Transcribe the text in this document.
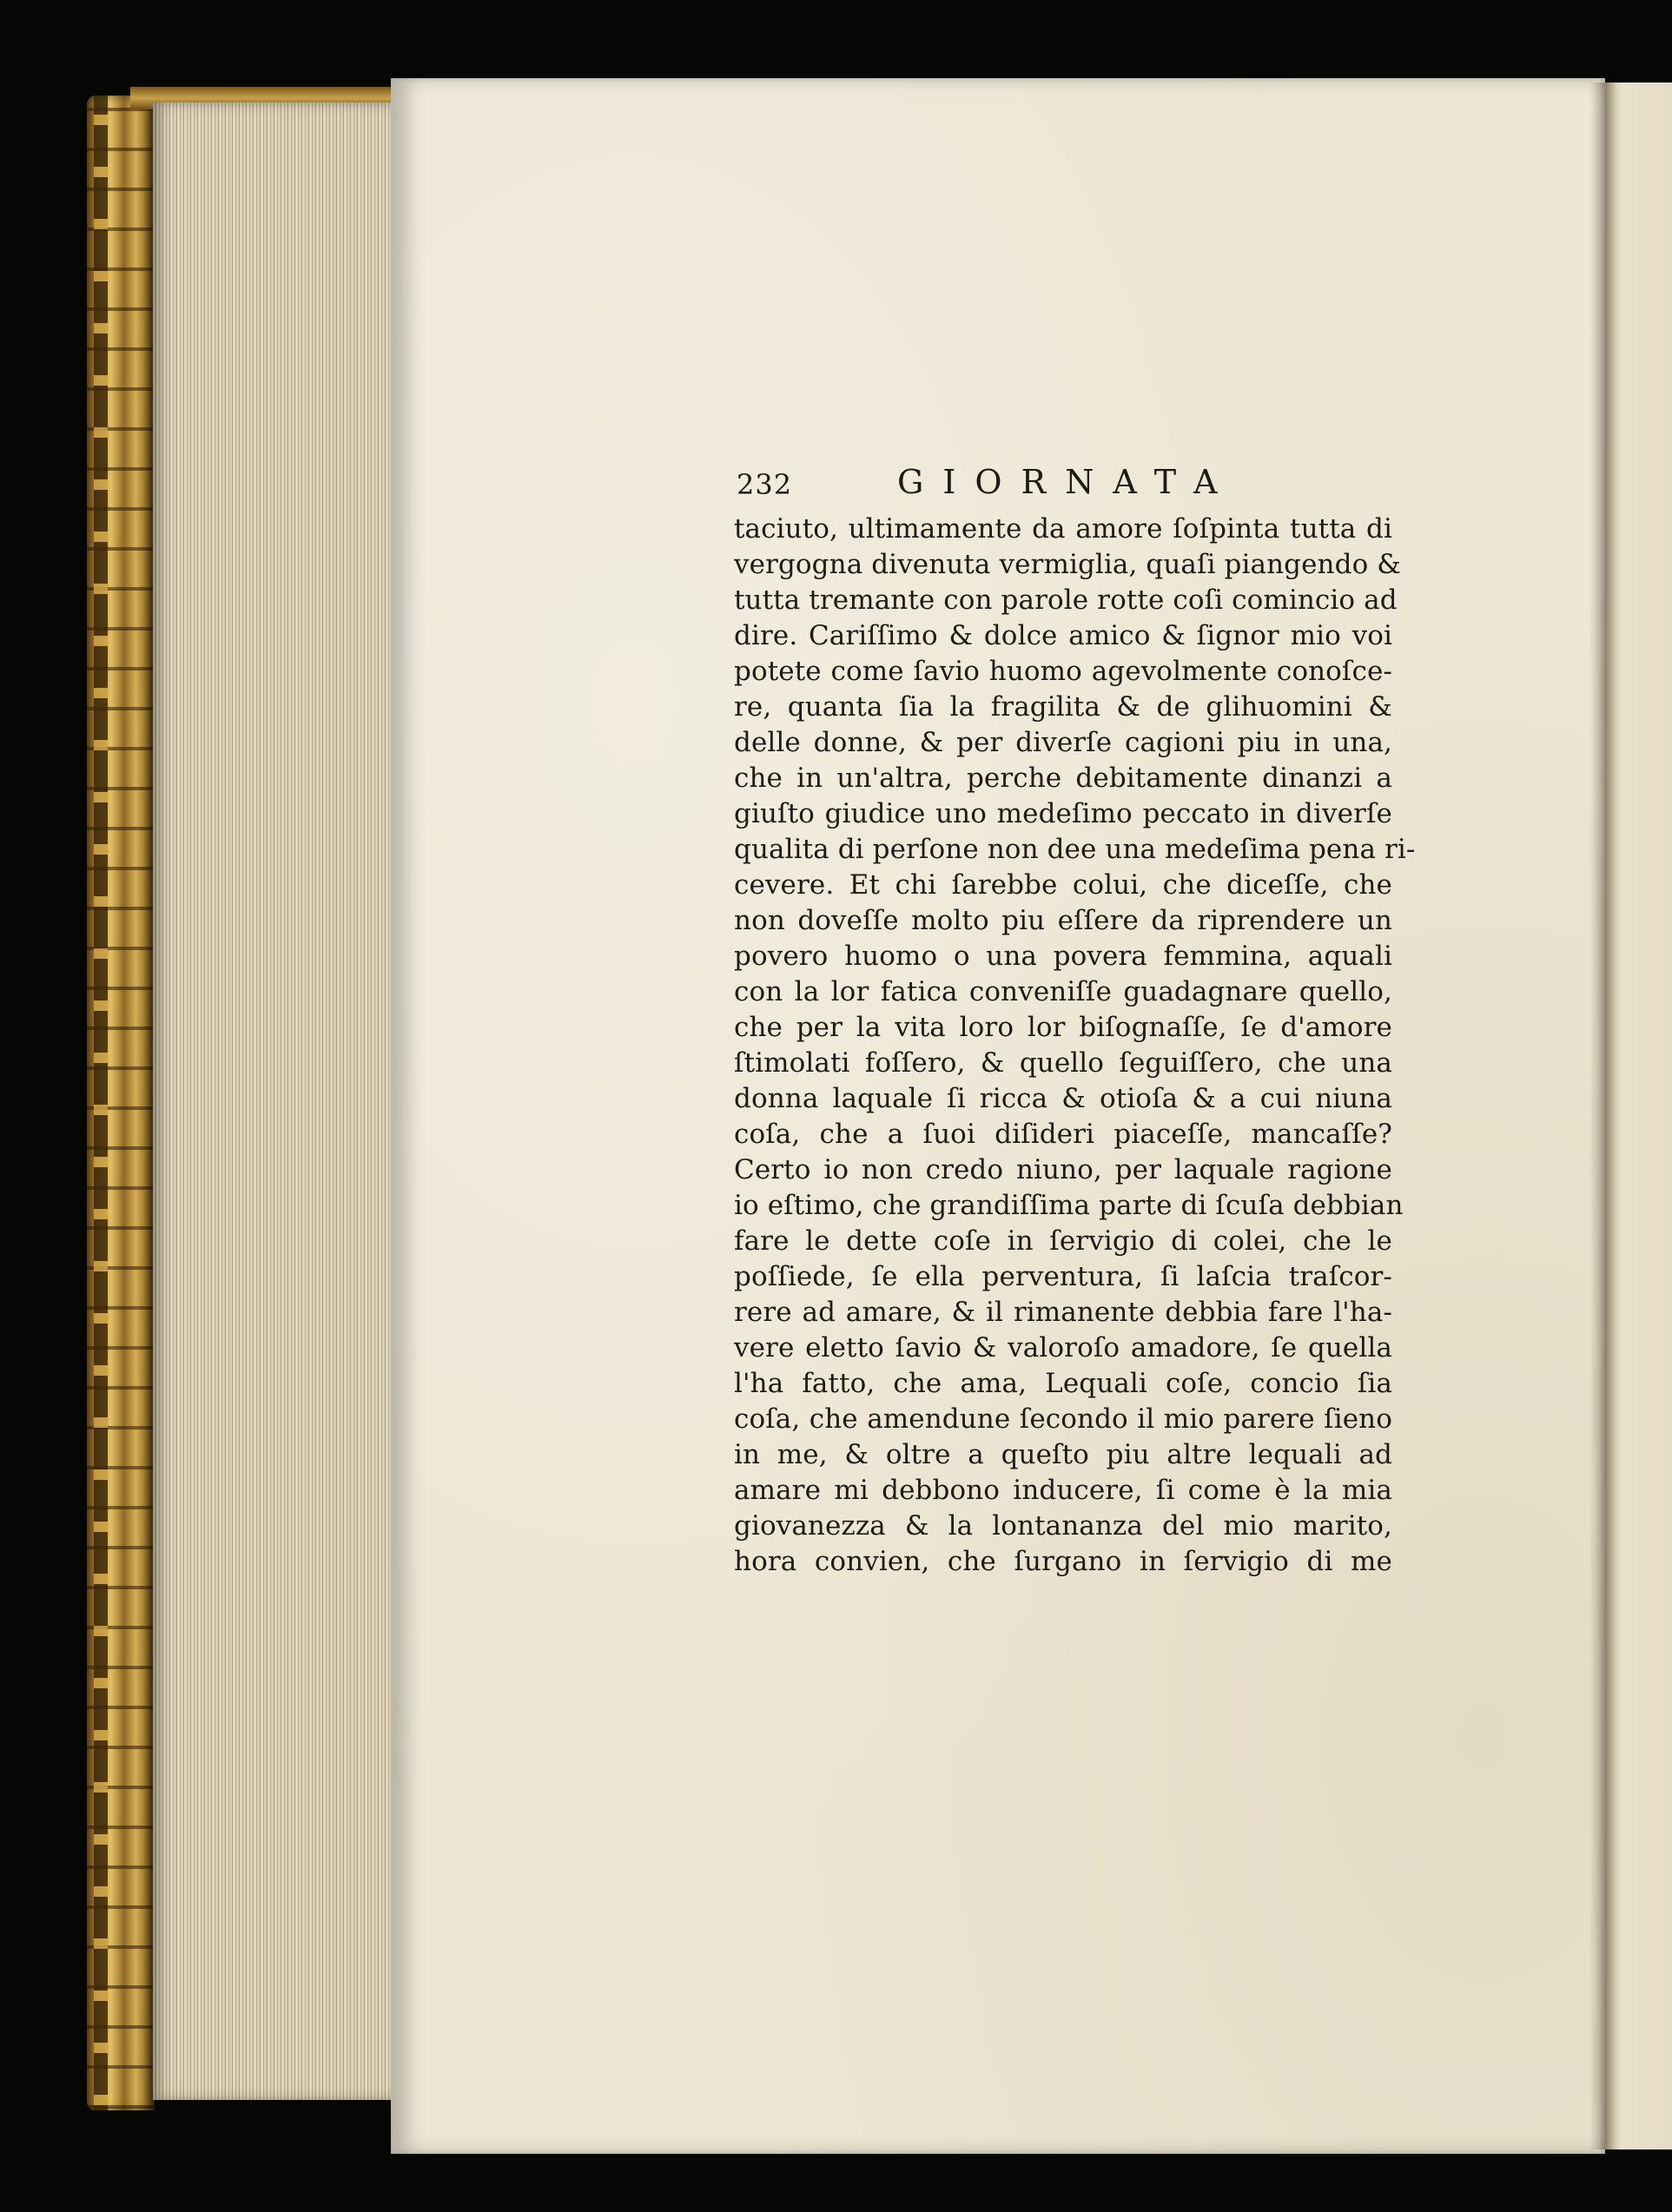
232	GIORNATA
taciuto, ultimamente da amore ſoſpinta tutta di
vergogna divenuta vermiglia, quaſi piangendo &
tutta tremante con parole rotte coſi comincio ad
dire. Cariſſimo & dolce amico & ſignor mio voi
potete come ſavio huomo agevolmente conoſce-
re, quanta ſia la fragilita & de glihuomini &
delle donne, & per diverſe cagioni piu in una,
che in un'altra, perche debitamente dinanzi a
giuſto giudice uno medeſimo peccato in diverſe
qualita di perſone non dee una medeſima pena ri-
cevere. Et chi ſarebbe colui, che diceſſe, che
non doveſſe molto piu eſſere da riprendere un
povero huomo o una povera femmina, aquali
con la lor fatica conveniſſe guadagnare quello,
che per la vita loro lor biſognaſſe, ſe d'amore
ſtimolati foſſero, & quello ſeguiſſero, che una
donna laquale ſi ricca & otioſa & a cui niuna
coſa, che a ſuoi diſideri piaceſſe, mancaſſe?
Certo io non credo niuno, per laquale ragione
io eſtimo, che grandiſſima parte di ſcuſa debbian
fare le dette coſe in ſervigio di colei, che le
poſſiede, ſe ella perventura, ſi laſcia traſcor-
rere ad amare, & il rimanente debbia fare l'ha-
vere eletto ſavio & valoroſo amadore, ſe quella
l'ha fatto, che ama, Lequali coſe, concio ſia
coſa, che amendune ſecondo il mio parere ſieno
in me, & oltre a queſto piu altre lequali ad
amare mi debbono inducere, ſi come è la mia
giovanezza & la lontananza del mio marito,
hora convien, che ſurgano in ſervigio di me
